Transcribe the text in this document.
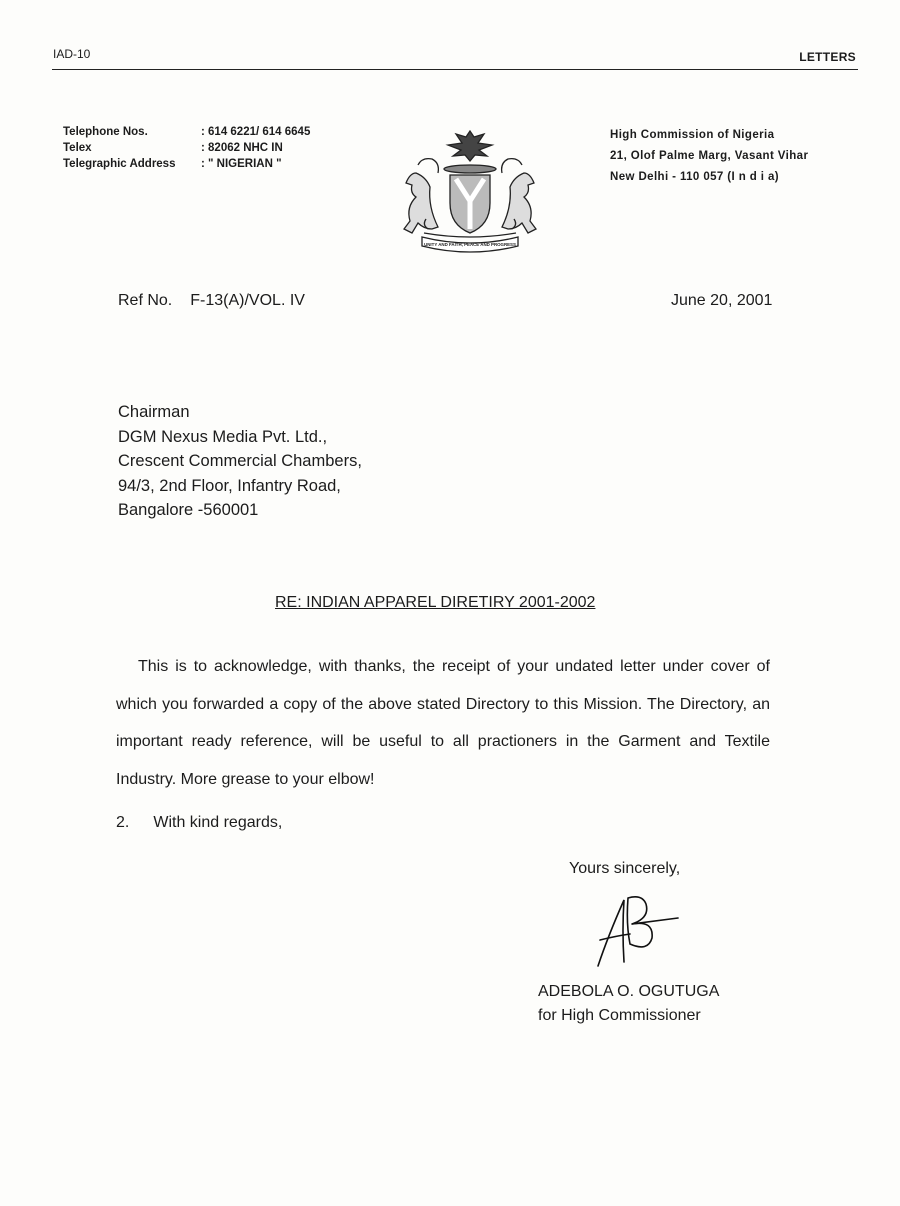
IAD-10	LETTERS
Telephone Nos.	: 614 6221/ 614 6645
Telex	: 82062 NHC IN
Telegraphic Address	: " NIGERIAN "
UNITY AND FAITH, PEACE AND PROGRESS
High Commission of Nigeria
21, Olof Palme Marg, Vasant Vihar
New Delhi - 110 057 (I n d i a)
Ref No. F-13(A)/VOL. IV	June 20, 2001
Chairman
DGM Nexus Media Pvt. Ltd.,
Crescent Commercial Chambers,
94/3, 2nd Floor, Infantry Road,
Bangalore -560001
RE: INDIAN APPAREL DIRETIRY 2001-2002

This is to acknowledge, with thanks, the receipt of your undated letter under cover of which you forwarded a copy of the above stated Directory to this Mission. The Directory, an important ready reference, will be useful to all practioners in the Garment and Textile Industry. More grease to your elbow!

2. With kind regards,
Yours sincerely,
ADEBOLA O. OGUTUGA
for High Commissioner
